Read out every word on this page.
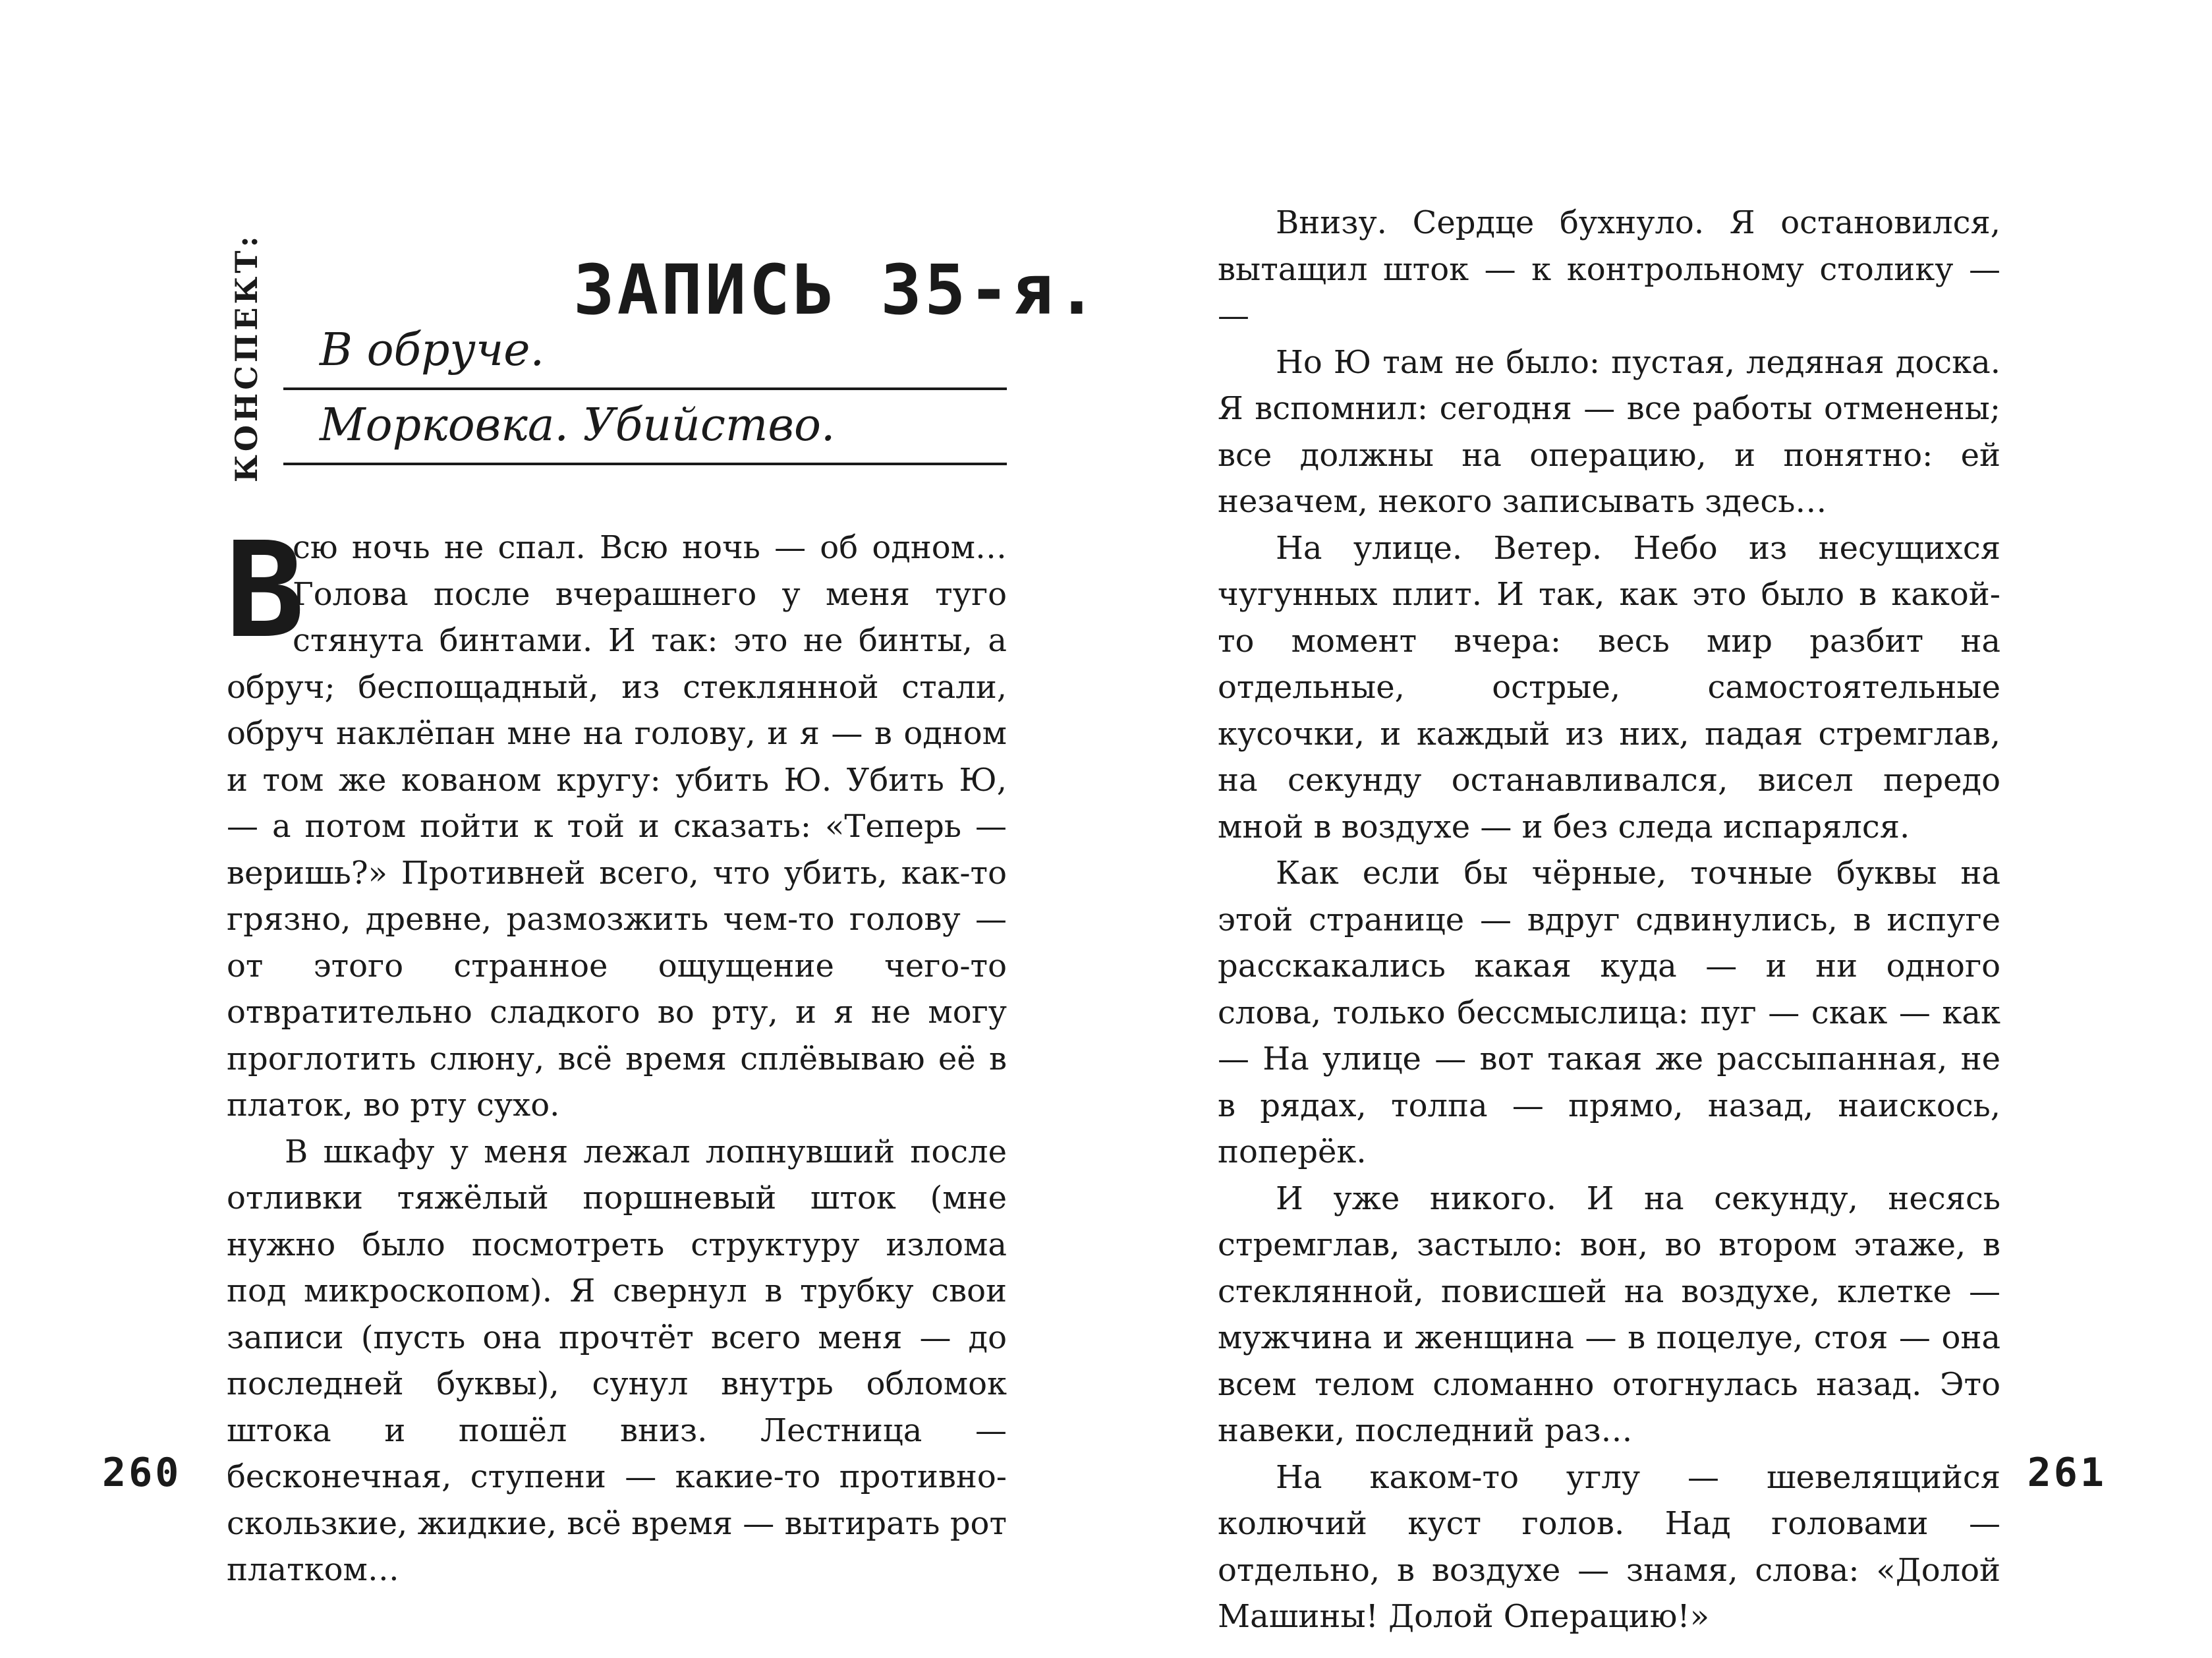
КОНСПЕКТ:	ЗАПИСЬ 35-я.
В обруче.
Морковка. Убийство.

В
сю ночь не спал. Всю ночь — об одном… Голова после вчерашнего у меня туго стянута бинтами. И так: это не бинты, а обруч; беспощадный, из стеклянной стали, обруч наклёпан мне на голову, и я — в одном и том же кованом кругу: убить Ю. Убить Ю, — а потом пойти к той и сказать: «Теперь — веришь?» Противней всего, что убить, как-то грязно, древне, размозжить чем-то голову — от этого странное ощущение чего-то отвратительно сладкого во рту, и я не могу проглотить слюну, всё время сплёвываю её в платок, во рту сухо.

В шкафу у меня лежал лопнувший после отливки тяжёлый поршневый шток (мне нужно было посмотреть структуру излома под микроскопом). Я свернул в трубку свои записи (пусть она прочтёт всего меня — до последней буквы), сунул внутрь обломок штока и пошёл вниз. Лестница — бесконечная, ступени — какие-то противно-скользкие, жидкие, всё время — вытирать рот платком…

260

Внизу. Сердце бухнуло. Я остановился, вытащил шток — к контрольному столику — —

Но Ю там не было: пустая, ледяная доска. Я вспомнил: сегодня — все работы отменены; все должны на операцию, и понятно: ей незачем, некого записывать здесь…

На улице. Ветер. Небо из несущихся чугунных плит. И так, как это было в какой-то момент вчера: весь мир разбит на отдельные, острые, самостоятельные кусочки, и каждый из них, падая стремглав, на секунду останавливался, висел передо мной в воздухе — и без следа испарялся.

Как если бы чёрные, точные буквы на этой странице — вдруг сдвинулись, в испуге расскакались какая куда — и ни одного слова, только бессмыслица: пуг — скак — как — На улице — вот такая же рассыпанная, не в рядах, толпа — прямо, назад, наискось, поперёк.

И уже никого. И на секунду, несясь стремглав, застыло: вон, во втором этаже, в стеклянной, повисшей на воздухе, клетке — мужчина и женщина — в поцелуе, стоя — она всем телом сломанно отогнулась назад. Это навеки, последний раз…

На каком-то углу — шевелящийся колючий куст голов. Над головами — отдельно, в воздухе — знамя, слова: «Долой Машины! Долой Операцию!»

261
